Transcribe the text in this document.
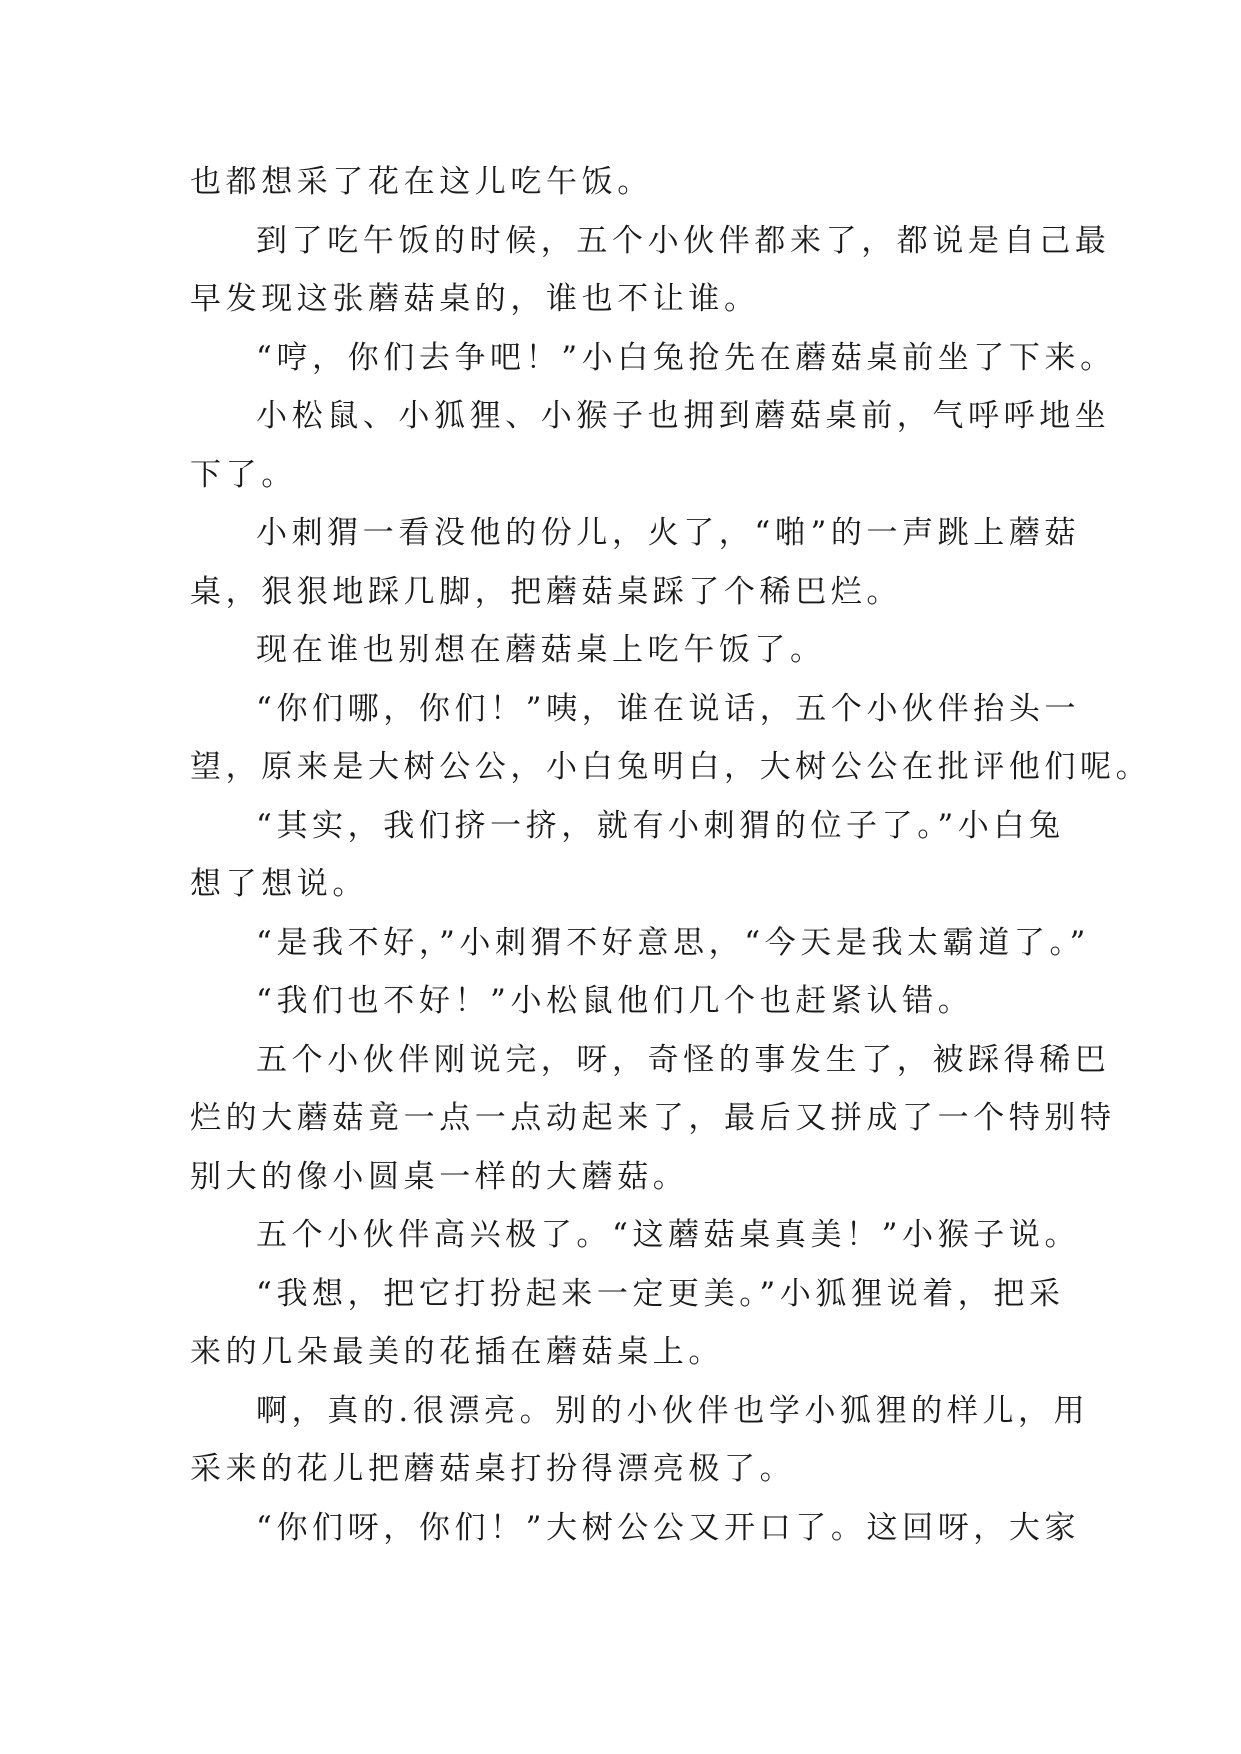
也都想采了花在这儿吃午饭。
到了吃午饭的时候，五个小伙伴都来了，都说是自己最
早发现这张蘑菇桌的，谁也不让谁。
“哼，你们去争吧！”小白兔抢先在蘑菇桌前坐了下来。
小松鼠、小狐狸、小猴子也拥到蘑菇桌前，气呼呼地坐
下了。
小刺猬一看没他的份儿，火了，“啪”的一声跳上蘑菇
桌，狠狠地踩几脚，把蘑菇桌踩了个稀巴烂。
现在谁也别想在蘑菇桌上吃午饭了。
“你们哪，你们！”咦，谁在说话，五个小伙伴抬头一
望，原来是大树公公，小白兔明白，大树公公在批评他们呢。
“其实，我们挤一挤，就有小刺猬的位子了。”小白兔
想了想说。
“是我不好，”小刺猬不好意思，“今天是我太霸道了。”
“我们也不好！”小松鼠他们几个也赶紧认错。
五个小伙伴刚说完，呀，奇怪的事发生了，被踩得稀巴
烂的大蘑菇竟一点一点动起来了，最后又拼成了一个特别特
别大的像小圆桌一样的大蘑菇。
五个小伙伴高兴极了。“这蘑菇桌真美！”小猴子说。
“我想，把它打扮起来一定更美。”小狐狸说着，把采
来的几朵最美的花插在蘑菇桌上。
啊，真的.很漂亮。别的小伙伴也学小狐狸的样儿，用
采来的花儿把蘑菇桌打扮得漂亮极了。
“你们呀，你们！”大树公公又开口了。这回呀，大家
